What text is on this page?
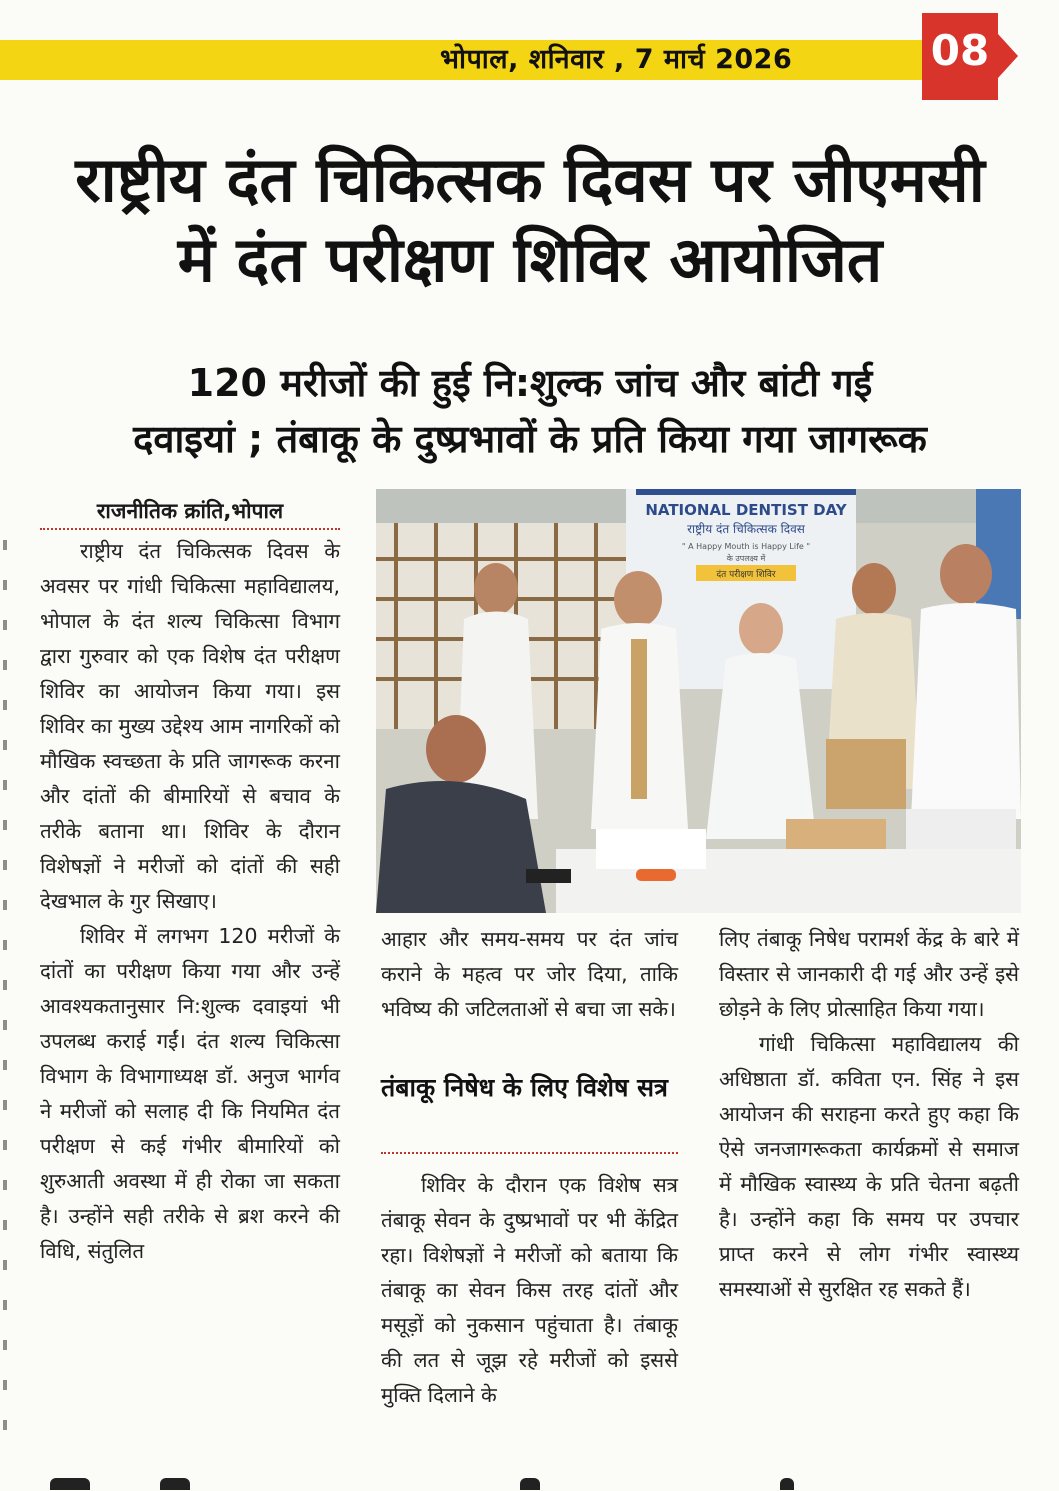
भोपाल, शनिवार , 7 मार्च 2026	08
राष्ट्रीय दंत चिकित्सक दिवस पर जीएमसी
में दंत परीक्षण शिविर आयोजित
120 मरीजों की हुई नि:शुल्क जांच और बांटी गई
दवाइयां ; तंबाकू के दुष्प्रभावों के प्रति किया गया जागरूक
राजनीतिक क्रांति,भोपाल

राष्ट्रीय दंत चिकित्सक दिवस के अवसर पर गांधी चिकित्सा महाविद्यालय, भोपाल के दंत शल्य चिकित्सा विभाग द्वारा गुरुवार को एक विशेष दंत परीक्षण शिविर का आयोजन किया गया। इस शिविर का मुख्य उद्देश्य आम नागरिकों को मौखिक स्वच्छता के प्रति जागरूक करना और दांतों की बीमारियों से बचाव के तरीके बताना था। शिविर के दौरान विशेषज्ञों ने मरीजों को दांतों की सही देखभाल के गुर सिखाए।

शिविर में लगभग 120 मरीजों के दांतों का परीक्षण किया गया और उन्हें आवश्यकतानुसार नि:शुल्क दवाइयां भी उपलब्ध कराई गईं। दंत शल्य चिकित्सा विभाग के विभागाध्यक्ष डॉ. अनुज भार्गव ने मरीजों को सलाह दी कि नियमित दंत परीक्षण से कई गंभीर बीमारियों को शुरुआती अवस्था में ही रोका जा सकता है। उन्होंने सही तरीके से ब्रश करने की विधि, संतुलित

NATIONAL DENTIST DAY
राष्ट्रीय दंत चिकित्सक दिवस
" A Happy Mouth is Happy Life "
के उपलक्ष्य में
दंत परीक्षण शिविर

आहार और समय-समय पर दंत जांच कराने के महत्व पर जोर दिया, ताकि भविष्य की जटिलताओं से बचा जा सके।

तंबाकू निषेध के लिए विशेष सत्र

शिविर के दौरान एक विशेष सत्र तंबाकू सेवन के दुष्प्रभावों पर भी केंद्रित रहा। विशेषज्ञों ने मरीजों को बताया कि तंबाकू का सेवन किस तरह दांतों और मसूड़ों को नुकसान पहुंचाता है। तंबाकू की लत से जूझ रहे मरीजों को इससे मुक्ति दिलाने के

लिए तंबाकू निषेध परामर्श केंद्र के बारे में विस्तार से जानकारी दी गई और उन्हें इसे छोड़ने के लिए प्रोत्साहित किया गया।

गांधी चिकित्सा महाविद्यालय की अधिष्ठाता डॉ. कविता एन. सिंह ने इस आयोजन की सराहना करते हुए कहा कि ऐसे जनजागरूकता कार्यक्रमों से समाज में मौखिक स्वास्थ्य के प्रति चेतना बढ़ती है। उन्होंने कहा कि समय पर उपचार प्राप्त करने से लोग गंभीर स्वास्थ्य समस्याओं से सुरक्षित रह सकते हैं।
